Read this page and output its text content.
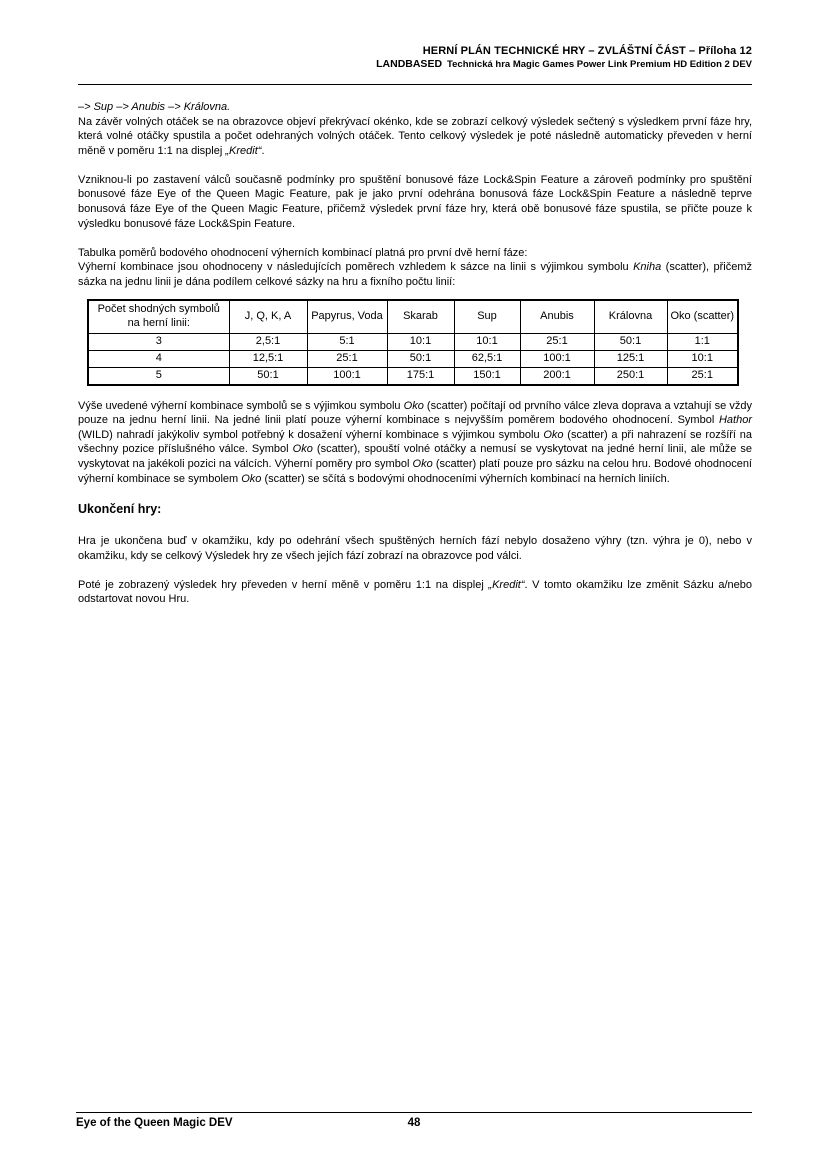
HERNÍ PLÁN TECHNICKÉ HRY – ZVLÁŠTNÍ ČÁST – Příloha 12
LANDBASED Technická hra Magic Games Power Link Premium HD Edition 2 DEV

–> Sup –> Anubis –> Královna.

Na závěr volných otáček se na obrazovce objeví překrývací okénko, kde se zobrazí celkový výsledek sečtený s výsledkem první fáze hry, která volné otáčky spustila a počet odehraných volných otáček. Tento celkový výsledek je poté následně automaticky převeden v herní měně v poměru 1:1 na displej „Kredit“.

Vzniknou-li po zastavení válců současně podmínky pro spuštění bonusové fáze Lock&Spin Feature a zároveň podmínky pro spuštění bonusové fáze Eye of the Queen Magic Feature, pak je jako první odehrána bonusová fáze Lock&Spin Feature a následně teprve bonusová fáze Eye of the Queen Magic Feature, přičemž výsledek první fáze hry, která obě bonusové fáze spustila, se přičte pouze k výsledku bonusové fáze Lock&Spin Feature.

Tabulka poměrů bodového ohodnocení výherních kombinací platná pro první dvě herní fáze:

Výherní kombinace jsou ohodnoceny v následujících poměrech vzhledem k sázce na linii s výjimkou symbolu Kniha (scatter), přičemž sázka na jednu linii je dána podílem celkové sázky na hru a fixního počtu linií:

Počet shodných symbolů na herní linii:	J, Q, K, A	Papyrus, Voda	Skarab	Sup	Anubis	Královna	Oko (scatter)
3	2,5:1	5:1	10:1	10:1	25:1	50:1	1:1
4	12,5:1	25:1	50:1	62,5:1	100:1	125:1	10:1
5	50:1	100:1	175:1	150:1	200:1	250:1	25:1

Výše uvedené výherní kombinace symbolů se s výjimkou symbolu Oko (scatter) počítají od prvního válce zleva doprava a vztahují se vždy pouze na jednu herní linii. Na jedné linii platí pouze výherní kombinace s nejvyšším poměrem bodového ohodnocení. Symbol Hathor (WILD) nahradí jakýkoliv symbol potřebný k dosažení výherní kombinace s výjimkou symbolu Oko (scatter) a při nahrazení se rozšíří na všechny pozice příslušného válce. Symbol Oko (scatter), spouští volné otáčky a nemusí se vyskytovat na jedné herní linii, ale může se vyskytovat na jakékoli pozici na válcích. Výherní poměry pro symbol Oko (scatter) platí pouze pro sázku na celou hru. Bodové ohodnocení výherní kombinace se symbolem Oko (scatter) se sčítá s bodovými ohodnoceními výherních kombinací na herních liniích.

Ukončení hry:

Hra je ukončena buď v okamžiku, kdy po odehrání všech spuštěných herních fází nebylo dosaženo výhry (tzn. výhra je 0), nebo v okamžiku, kdy se celkový Výsledek hry ze všech jejích fází zobrazí na obrazovce pod válci.

Poté je zobrazený výsledek hry převeden v herní měně v poměru 1:1 na displej „Kredit“. V tomto okamžiku lze změnit Sázku a/nebo odstartovat novou Hru.

Eye of the Queen Magic DEV	48
